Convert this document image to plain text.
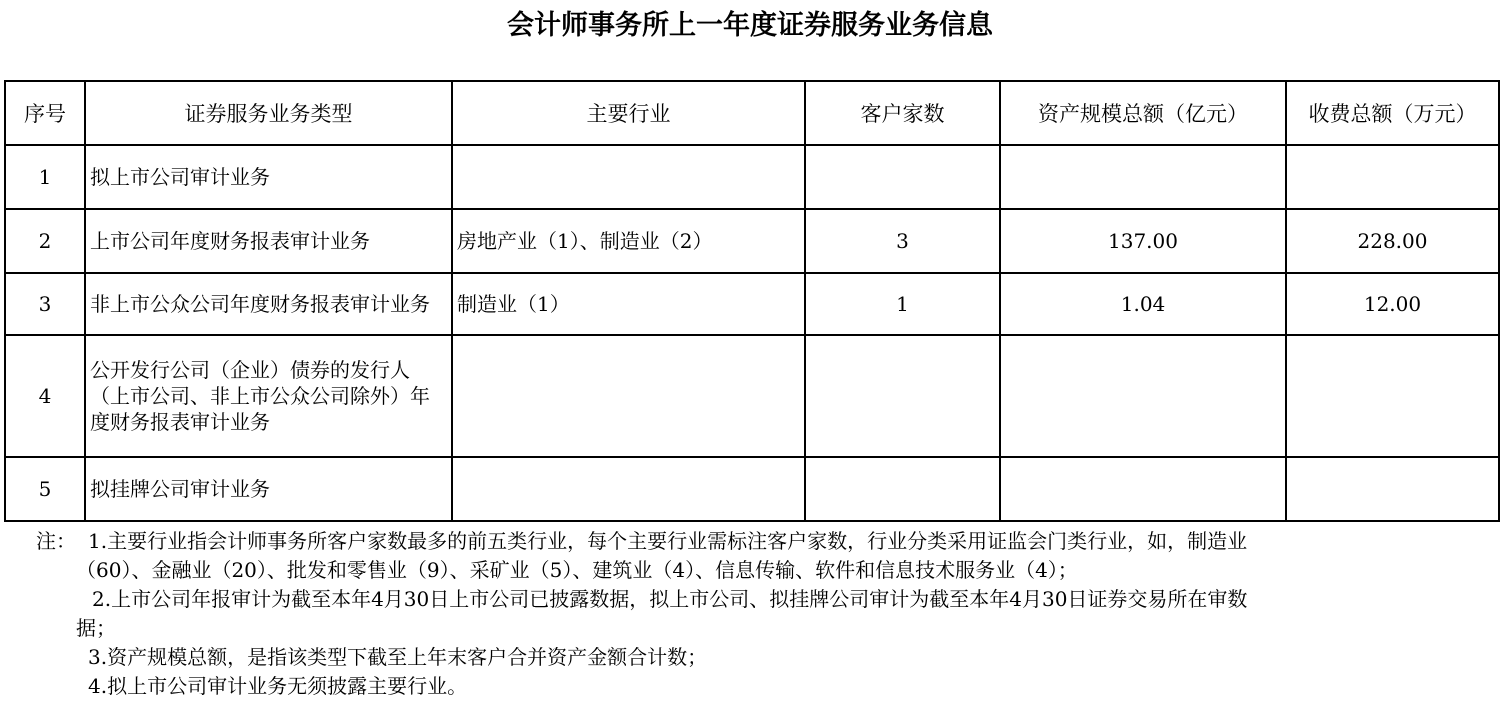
会计师事务所上一年度证券服务业务信息
序号	证券服务业务类型	主要行业	客户家数	资产规模总额（亿元）	收费总额（万元）
1	拟上市公司审计业务				
2	上市公司年度财务报表审计业务	房地产业（1）、制造业（2）	3	137.00	228.00
3	非上市公众公司年度财务报表审计业务	制造业（1）	1	1.04	12.00
4	公开发行公司（企业）债券的发行人（上市公司、非上市公众公司除外）年度财务报表审计业务				
5	拟挂牌公司审计业务				
注： 1.主要行业指会计师事务所客户家数最多的前五类行业，每个主要行业需标注客户家数，行业分类采用证监会门类行业，如，制造业
（60）、金融业（20）、批发和零售业（9）、采矿业（5）、建筑业（4）、信息传输、软件和信息技术服务业（4）；
2.上市公司年报审计为截至本年4月30日上市公司已披露数据，拟上市公司、拟挂牌公司审计为截至本年4月30日证券交易所在审数
据；
3.资产规模总额，是指该类型下截至上年末客户合并资产金额合计数；
4.拟上市公司审计业务无须披露主要行业。
